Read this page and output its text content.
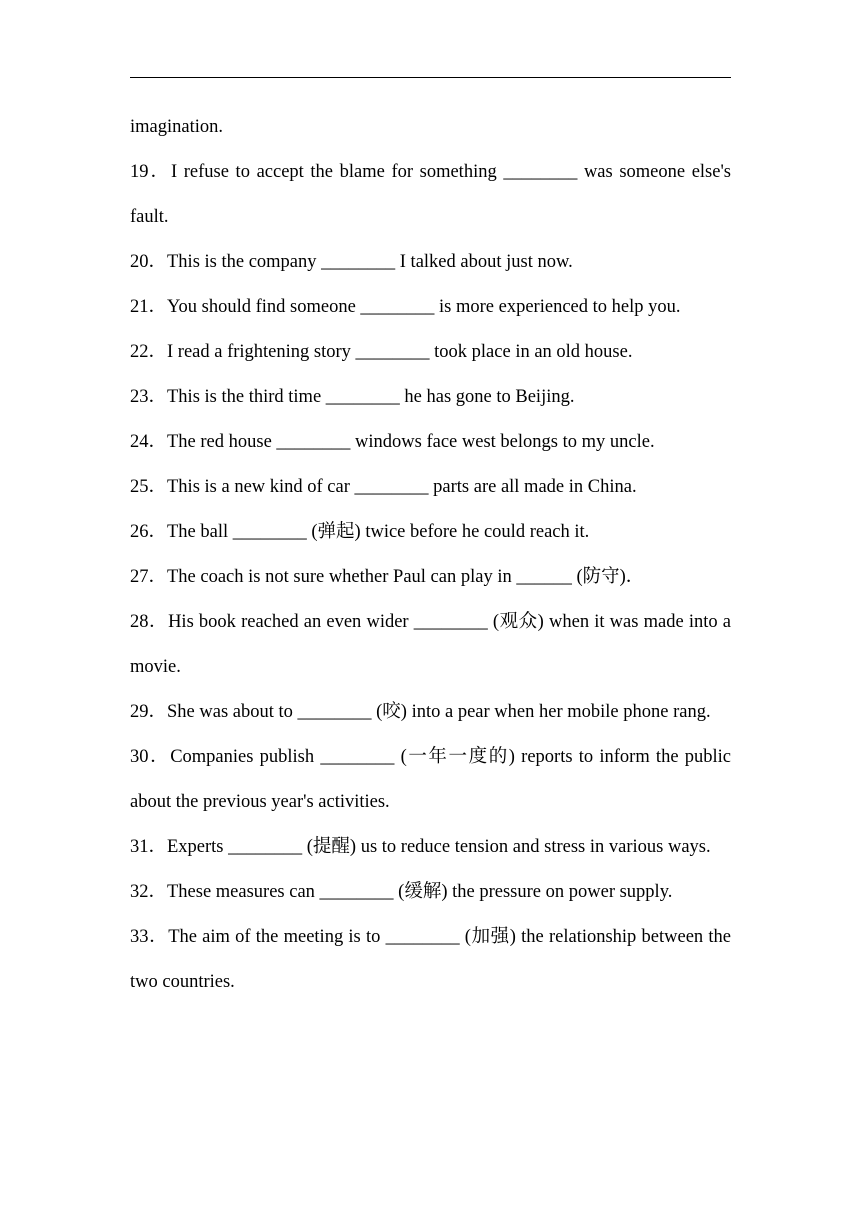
imagination.

19．I refuse to accept the blame for something ________ was someone else's fault.

20．This is the company ________ I talked about just now.

21．You should find someone ________ is more experienced to help you.

22．I read a frightening story ________ took place in an old house.

23．This is the third time ________ he has gone to Beijing.

24．The red house ________ windows face west belongs to my uncle.

25．This is a new kind of car ________ parts are all made in China.

26．The ball ________ (弹起) twice before he could reach it.

27．The coach is not sure whether Paul can play in ______ (防守)．

28．His book reached an even wider ________ (观众) when it was made into a movie.

29．She was about to ________ (咬) into a pear when her mobile phone rang.

30．Companies publish ________ (一年一度的) reports to inform the public about the previous year's activities.

31．Experts ________ (提醒) us to reduce tension and stress in various ways.

32．These measures can ________ (缓解) the pressure on power supply.

33．The aim of the meeting is to ________ (加强) the relationship between the two countries.
